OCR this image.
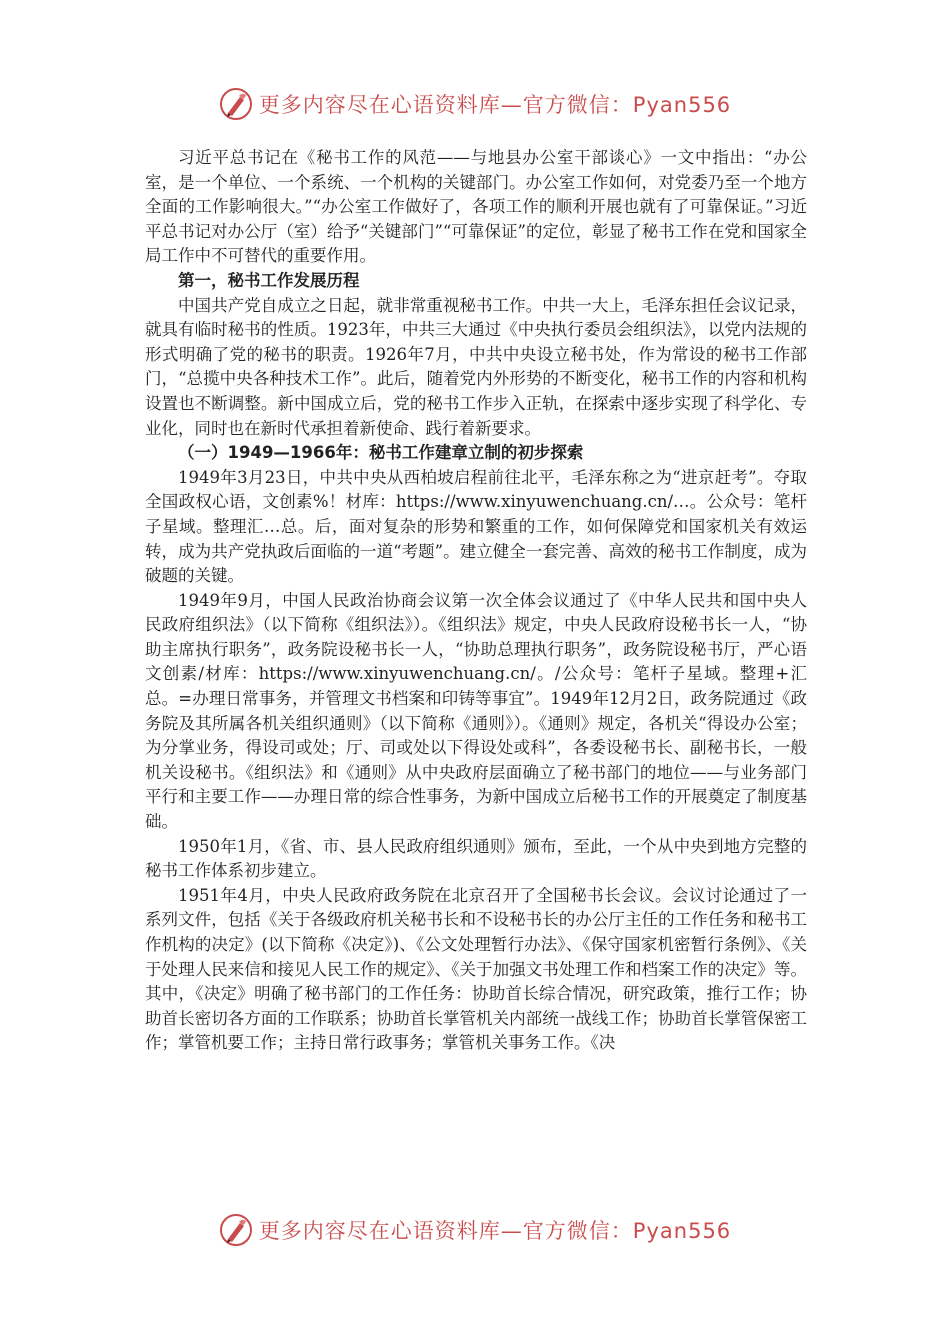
更多内容尽在心语资料库—官方微信：Pyan556

习近平总书记在《秘书工作的风范——与地县办公室干部谈心》一文中指出：“办公室，是一个单位、一个系统、一个机构的关键部门。办公室工作如何，对党委乃至一个地方全面的工作影响很大。”“办公室工作做好了，各项工作的顺利开展也就有了可靠保证。”习近平总书记对办公厅（室）给予“关键部门”“可靠保证”的定位，彰显了秘书工作在党和国家全局工作中不可替代的重要作用。

第一，秘书工作发展历程

中国共产党自成立之日起，就非常重视秘书工作。中共一大上，毛泽东担任会议记录，就具有临时秘书的性质。1923年，中共三大通过《中央执行委员会组织法》，以党内法规的形式明确了党的秘书的职责。1926年7月，中共中央设立秘书处，作为常设的秘书工作部门，“总揽中央各种技术工作”。此后，随着党内外形势的不断变化，秘书工作的内容和机构设置也不断调整。新中国成立后，党的秘书工作步入正轨，在探索中逐步实现了科学化、专业化，同时也在新时代承担着新使命、践行着新要求。

（一）1949—1966年：秘书工作建章立制的初步探索

1949年3月23日，中共中央从西柏坡启程前往北平，毛泽东称之为“进京赶考”。夺取全国政权心语，文创素%！材库：https://www.xinyuwenchuang.cn/…。公众号：笔杆子星域。整理汇…总。后，面对复杂的形势和繁重的工作，如何保障党和国家机关有效运转，成为共产党执政后面临的一道“考题”。建立健全一套完善、高效的秘书工作制度，成为破题的关键。

1949年9月，中国人民政治协商会议第一次全体会议通过了《中华人民共和国中央人民政府组织法》（以下简称《组织法》）。《组织法》规定，中央人民政府设秘书长一人，“协助主席执行职务”，政务院设秘书长一人，“协助总理执行职务”，政务院设秘书厅，严心语文创素/材库：https://www.xinyuwenchuang.cn/。/公众号：笔杆子星域。整理+汇总。=办理日常事务，并管理文书档案和印铸等事宜”。1949年12月2日，政务院通过《政务院及其所属各机关组织通则》（以下简称《通则》）。《通则》规定，各机关“得设办公室；为分掌业务，得设司或处；厅、司或处以下得设处或科”，各委设秘书长、副秘书长，一般机关设秘书。《组织法》和《通则》从中央政府层面确立了秘书部门的地位——与业务部门平行和主要工作——办理日常的综合性事务，为新中国成立后秘书工作的开展奠定了制度基础。

1950年1月，《省、市、县人民政府组织通则》颁布，至此，一个从中央到地方完整的秘书工作体系初步建立。

1951年4月，中央人民政府政务院在北京召开了全国秘书长会议。会议讨论通过了一系列文件，包括《关于各级政府机关秘书长和不设秘书长的办公厅主任的工作任务和秘书工作机构的决定》(以下简称《决定》)、《公文处理暂行办法》、《保守国家机密暂行条例》、《关于处理人民来信和接见人民工作的规定》、《关于加强文书处理工作和档案工作的决定》等。其中，《决定》明确了秘书部门的工作任务：协助首长综合情况，研究政策，推行工作；协助首长密切各方面的工作联系；协助首长掌管机关内部统一战线工作；协助首长掌管保密工作；掌管机要工作；主持日常行政事务；掌管机关事务工作。《决

更多内容尽在心语资料库—官方微信：Pyan556
